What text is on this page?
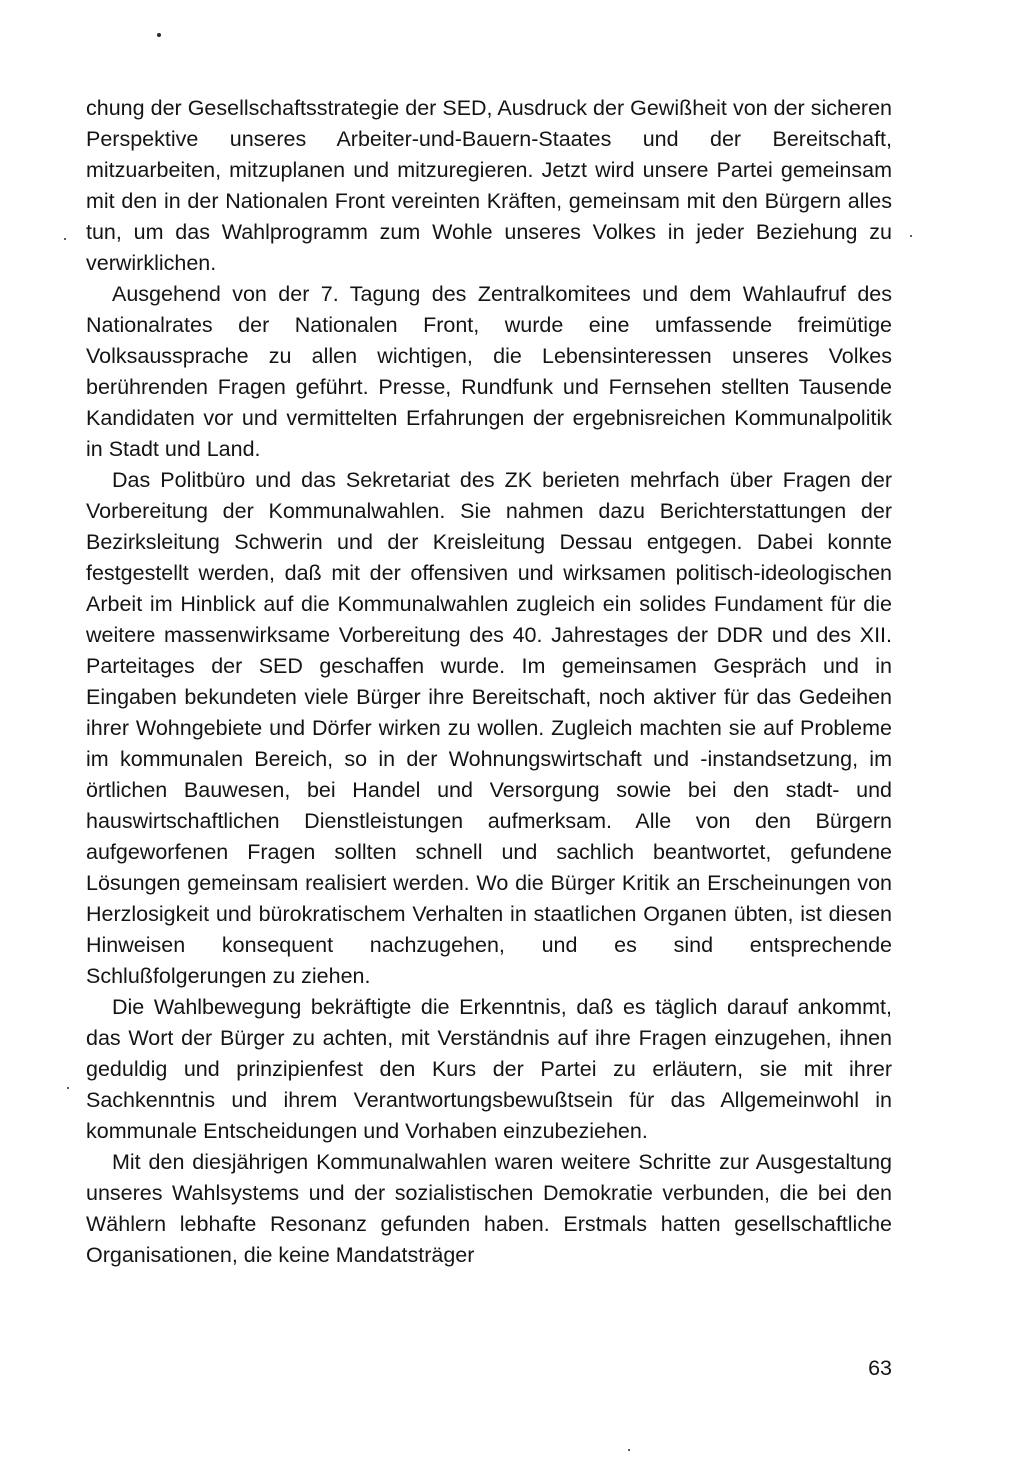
chung der Gesellschaftsstrategie der SED, Ausdruck der Gewißheit von der sicheren Perspektive unseres Arbeiter-und-Bauern-Staates und der Bereitschaft, mitzuarbeiten, mitzuplanen und mitzuregieren. Jetzt wird unsere Partei gemeinsam mit den in der Nationalen Front vereinten Kräften, gemeinsam mit den Bürgern alles tun, um das Wahlprogramm zum Wohle unseres Volkes in jeder Beziehung zu verwirklichen.

Ausgehend von der 7. Tagung des Zentralkomitees und dem Wahlaufruf des Nationalrates der Nationalen Front, wurde eine umfassende freimütige Volksaussprache zu allen wichtigen, die Lebensinteressen unseres Volkes berührenden Fragen geführt. Presse, Rundfunk und Fernsehen stellten Tausende Kandidaten vor und vermittelten Erfahrungen der ergebnisreichen Kommunalpolitik in Stadt und Land.

Das Politbüro und das Sekretariat des ZK berieten mehrfach über Fragen der Vorbereitung der Kommunalwahlen. Sie nahmen dazu Berichterstattungen der Bezirksleitung Schwerin und der Kreisleitung Dessau entgegen. Dabei konnte festgestellt werden, daß mit der offensiven und wirksamen politisch-ideologischen Arbeit im Hinblick auf die Kommunalwahlen zugleich ein solides Fundament für die weitere massenwirksame Vorbereitung des 40. Jahrestages der DDR und des XII. Parteitages der SED geschaffen wurde. Im gemeinsamen Gespräch und in Eingaben bekundeten viele Bürger ihre Bereitschaft, noch aktiver für das Gedeihen ihrer Wohngebiete und Dörfer wirken zu wollen. Zugleich machten sie auf Probleme im kommunalen Bereich, so in der Wohnungswirtschaft und -instandsetzung, im örtlichen Bauwesen, bei Handel und Versorgung sowie bei den stadt- und hauswirtschaftlichen Dienstleistungen aufmerksam. Alle von den Bürgern aufgeworfenen Fragen sollten schnell und sachlich beantwortet, gefundene Lösungen gemeinsam realisiert werden. Wo die Bürger Kritik an Erscheinungen von Herzlosigkeit und bürokratischem Verhalten in staatlichen Organen übten, ist diesen Hinweisen konsequent nachzugehen, und es sind entsprechende Schlußfolgerungen zu ziehen.

Die Wahlbewegung bekräftigte die Erkenntnis, daß es täglich darauf ankommt, das Wort der Bürger zu achten, mit Verständnis auf ihre Fragen einzugehen, ihnen geduldig und prinzipienfest den Kurs der Partei zu erläutern, sie mit ihrer Sachkenntnis und ihrem Verantwortungsbewußtsein für das Allgemeinwohl in kommunale Entscheidungen und Vorhaben einzubeziehen.

Mit den diesjährigen Kommunalwahlen waren weitere Schritte zur Ausgestaltung unseres Wahlsystems und der sozialistischen Demokratie verbunden, die bei den Wählern lebhafte Resonanz gefunden haben. Erstmals hatten gesellschaftliche Organisationen, die keine Mandatsträger

63
